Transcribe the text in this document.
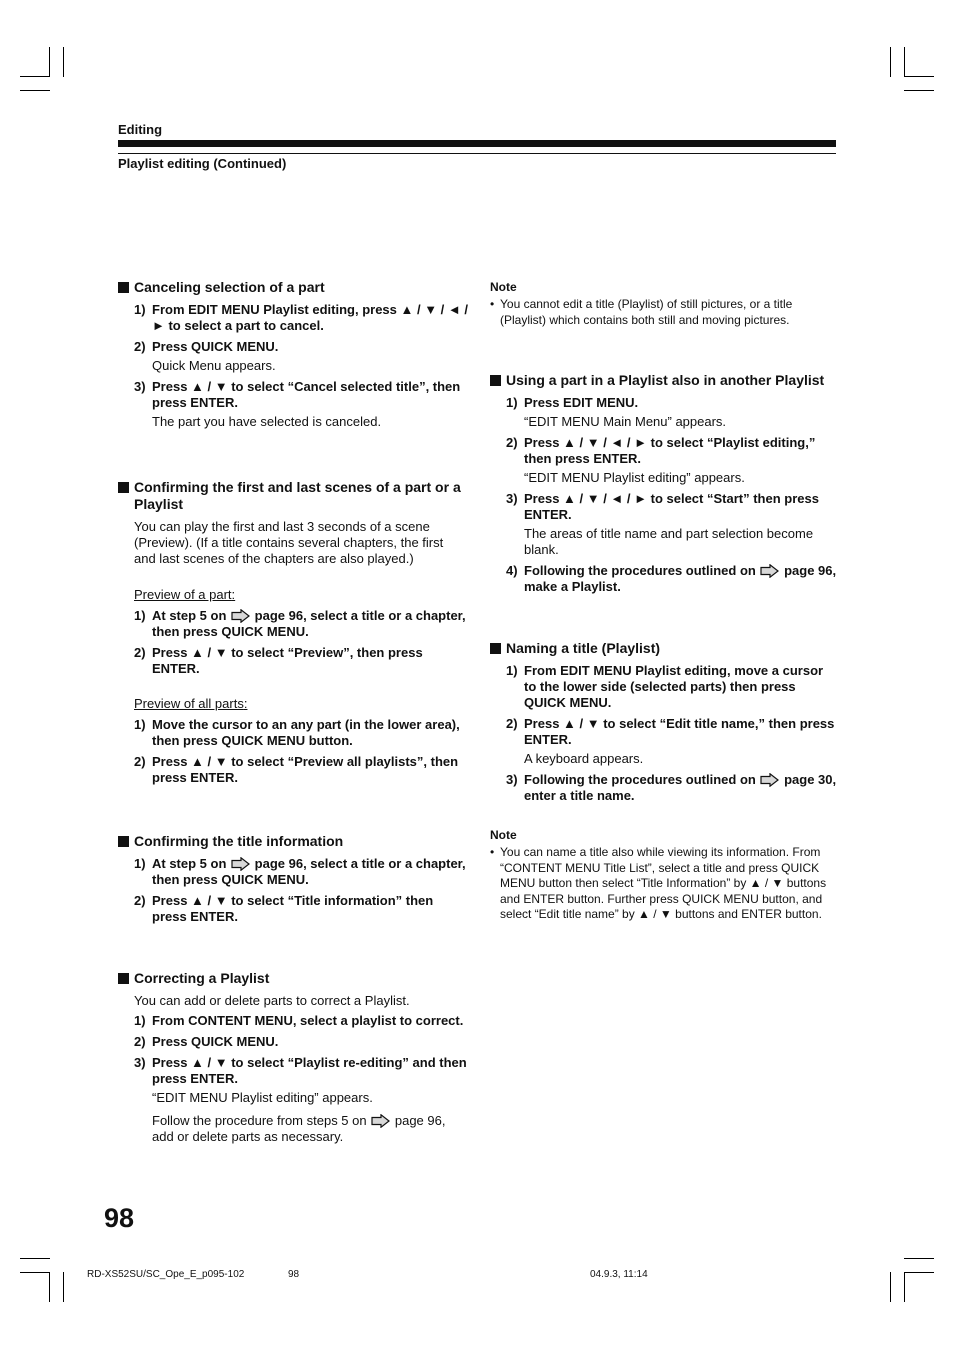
Editing
Playlist editing (Continued)
Canceling selection of a part
1) From EDIT MENU Playlist editing, press ▲ / ▼ / ◄ / ► to select a part to cancel.
2) Press QUICK MENU.
Quick Menu appears.
3) Press ▲ / ▼ to select “Cancel selected title”, then press ENTER.
The part you have selected is canceled.
Confirming the first and last scenes of a part or a Playlist
You can play the first and last 3 seconds of a scene (Preview). (If a title contains several chapters, the first and last scenes of the chapters are also played.)
Preview of a part:
1) At step 5 on page 96, select a title or a chapter, then press QUICK MENU.
2) Press ▲ / ▼ to select “Preview”, then press ENTER.
Preview of all parts:
1) Move the cursor to an any part (in the lower area), then press QUICK MENU button.
2) Press ▲ / ▼ to select “Preview all playlists”, then press ENTER.
Confirming the title information
1) At step 5 on page 96, select a title or a chapter, then press QUICK MENU.
2) Press ▲ / ▼ to select “Title information” then press ENTER.
Correcting a Playlist
You can add or delete parts to correct a Playlist.
1) From CONTENT MENU, select a playlist to correct.
2) Press QUICK MENU.
3) Press ▲ / ▼ to select “Playlist re-editing” and then press ENTER.
“EDIT MENU Playlist editing” appears.
Follow the procedure from steps 5 on page 96, add or delete parts as necessary.
Note
• You cannot edit a title (Playlist) of still pictures, or a title (Playlist) which contains both still and moving pictures.
Using a part in a Playlist also in another Playlist
1) Press EDIT MENU.
“EDIT MENU Main Menu” appears.
2) Press ▲ / ▼ / ◄ / ► to select “Playlist editing,” then press ENTER.
“EDIT MENU Playlist editing” appears.
3) Press ▲ / ▼ / ◄ / ► to select “Start” then press ENTER.
The areas of title name and part selection become blank.
4) Following the procedures outlined on page 96, make a Playlist.
Naming a title (Playlist)
1) From EDIT MENU Playlist editing, move a cursor to the lower side (selected parts) then press QUICK MENU.
2) Press ▲ / ▼ to select “Edit title name,” then press ENTER.
A keyboard appears.
3) Following the procedures outlined on page 30, enter a title name.
Note
• You can name a title also while viewing its information. From “CONTENT MENU Title List”, select a title and press QUICK MENU button then select “Title Information” by ▲ / ▼ buttons and ENTER button. Further press QUICK MENU button, and select “Edit title name” by ▲ / ▼ buttons and ENTER button.
98
RD-XS52SU/SC_Ope_E_p095-102	98	04.9.3, 11:14
